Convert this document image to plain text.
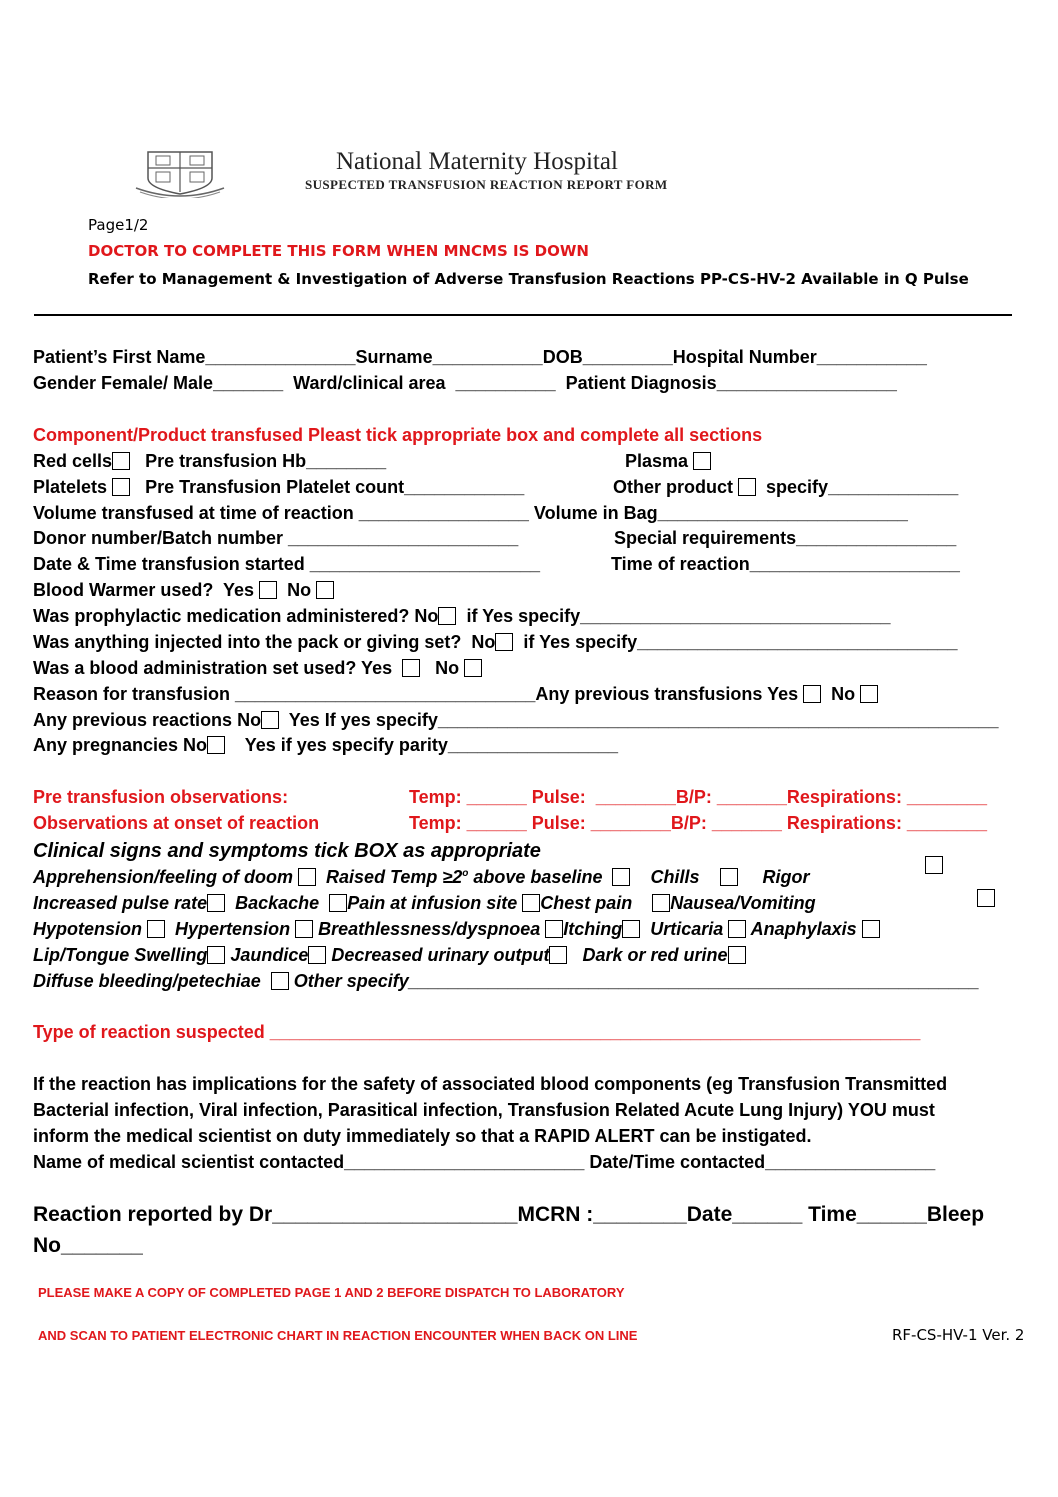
National Maternity Hospital
SUSPECTED TRANSFUSION REACTION REPORT FORM
Page1/2
DOCTOR TO COMPLETE THIS FORM WHEN MNCMS IS DOWN
Refer to Management & Investigation of Adverse Transfusion Reactions PP-CS-HV-2 Available in Q Pulse
Patient’s First Name_______________Surname___________DOB_________Hospital Number___________
Gender Female/ Male_______  Ward/clinical area  __________  Patient Diagnosis__________________
Component/Product transfused Pleast tick appropriate box and complete all sections
Red cells Pre transfusion Hb________	Plasma
Platelets Pre Transfusion Platelet count____________	Other product specify_____________
Volume transfused at time of reaction _________________ Volume in Bag_________________________
Donor number/Batch number _______________________	Special requirements________________
Date & Time transfusion started _______________________	Time of reaction_____________________
Blood Warmer used?  Yes No
Was prophylactic medication administered? No if Yes specify_______________________________
Was anything injected into the pack or giving set?  No if Yes specify________________________________
Was a blood administration set used? Yes No
Reason for transfusion ______________________________Any previous transfusions Yes No
Any previous reactions No Yes If yes specify________________________________________________________
Any pregnancies No Yes if yes specify parity_________________
Pre transfusion observations:	Temp: ______ Pulse:  ________B/P: _______Respirations: ________
Observations at onset of reaction	Temp: ______ Pulse: ________B/P: _______ Respirations: ________
Clinical signs and symptoms tick BOX as appropriate
Apprehension/feeling of doom Raised Temp $\ge 2^o$ above baseline	Chills	Rigor
Increased pulse rate Backache Pain at infusion site Chest pain Nausea/Vomiting
Hypotension Hypertension Breathlessness/dyspnoea Itching Urticaria Anaphylaxis
Lip/Tongue Swelling Jaundice Decreased urinary output Dark or red urine
Diffuse bleeding/petechiae Other specify_________________________________________________________
Type of reaction suspected _________________________________________________________________
If the reaction has implications for the safety of associated blood components (eg Transfusion Transmitted
Bacterial infection, Viral infection, Parasitical infection, Transfusion Related Acute Lung Injury) YOU must
inform the medical scientist on duty immediately so that a RAPID ALERT can be instigated.
Name of medical scientist contacted________________________ Date/Time contacted_________________
Reaction reported by Dr_____________________MCRN :________Date______ Time______Bleep
No_______
PLEASE MAKE A COPY OF COMPLETED PAGE 1 AND 2 BEFORE DISPATCH TO LABORATORY
AND SCAN TO PATIENT ELECTRONIC CHART IN REACTION ENCOUNTER WHEN BACK ON LINE	RF-CS-HV-1 Ver. 2
